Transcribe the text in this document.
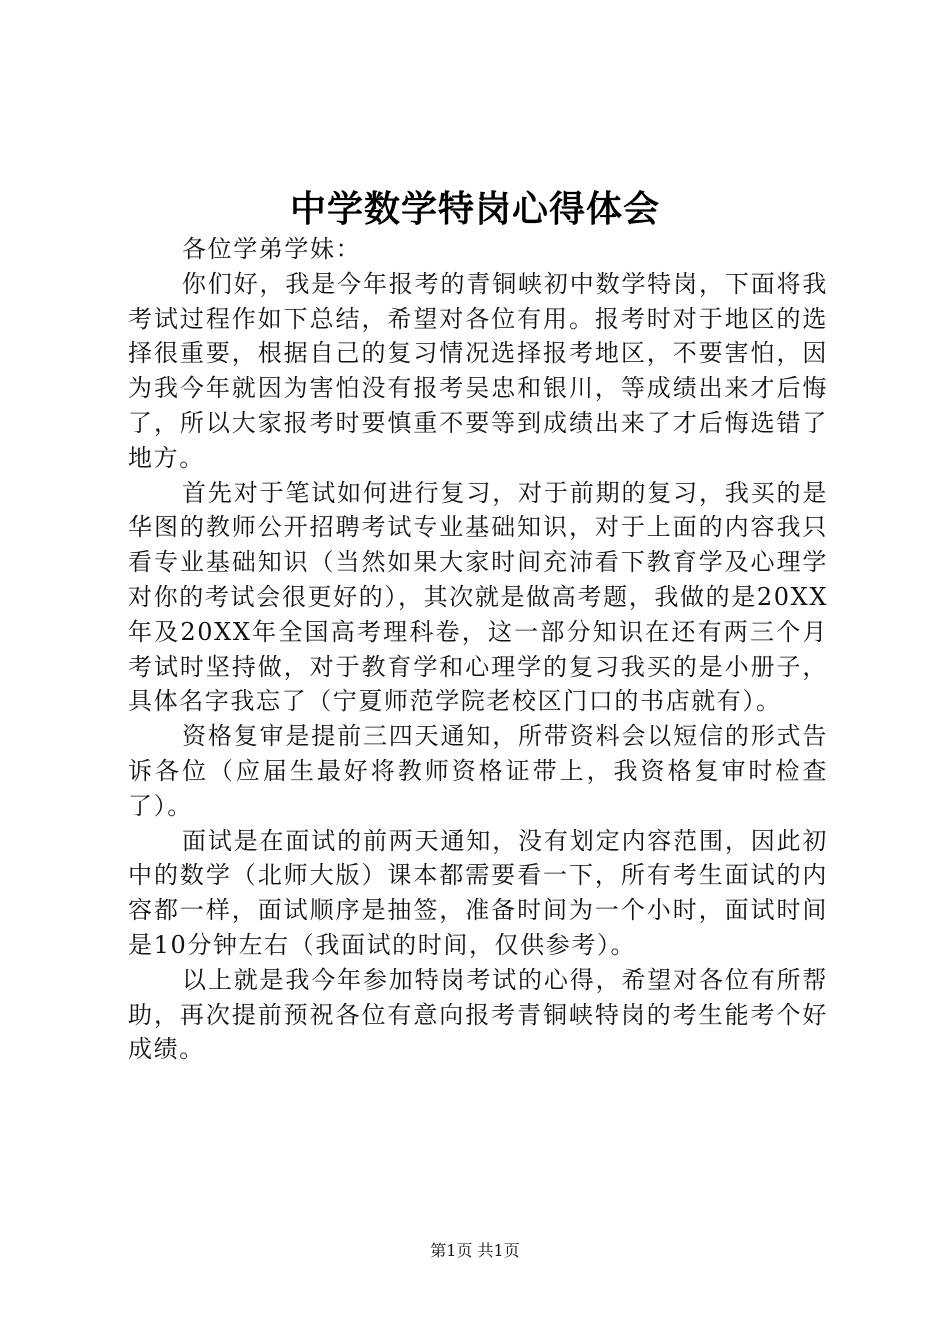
中学数学特岗心得体会

各位学弟学妹：

你们好，我是今年报考的青铜峡初中数学特岗，下面将我考试过程作如下总结，希望对各位有用。报考时对于地区的选择很重要，根据自己的复习情况选择报考地区，不要害怕，因为我今年就因为害怕没有报考吴忠和银川，等成绩出来才后悔了，所以大家报考时要慎重不要等到成绩出来了才后悔选错了地方。

首先对于笔试如何进行复习，对于前期的复习，我买的是华图的教师公开招聘考试专业基础知识，对于上面的内容我只看专业基础知识（当然如果大家时间充沛看下教育学及心理学对你的考试会很更好的），其次就是做高考题，我做的是20XX年及20XX年全国高考理科卷，这一部分知识在还有两三个月考试时坚持做，对于教育学和心理学的复习我买的是小册子，具体名字我忘了（宁夏师范学院老校区门口的书店就有）。

资格复审是提前三四天通知，所带资料会以短信的形式告诉各位（应届生最好将教师资格证带上，我资格复审时检查了）。

面试是在面试的前两天通知，没有划定内容范围，因此初中的数学（北师大版）课本都需要看一下，所有考生面试的内容都一样，面试顺序是抽签，准备时间为一个小时，面试时间是10分钟左右（我面试的时间，仅供参考）。

以上就是我今年参加特岗考试的心得，希望对各位有所帮助，再次提前预祝各位有意向报考青铜峡特岗的考生能考个好成绩。

第1页 共1页
